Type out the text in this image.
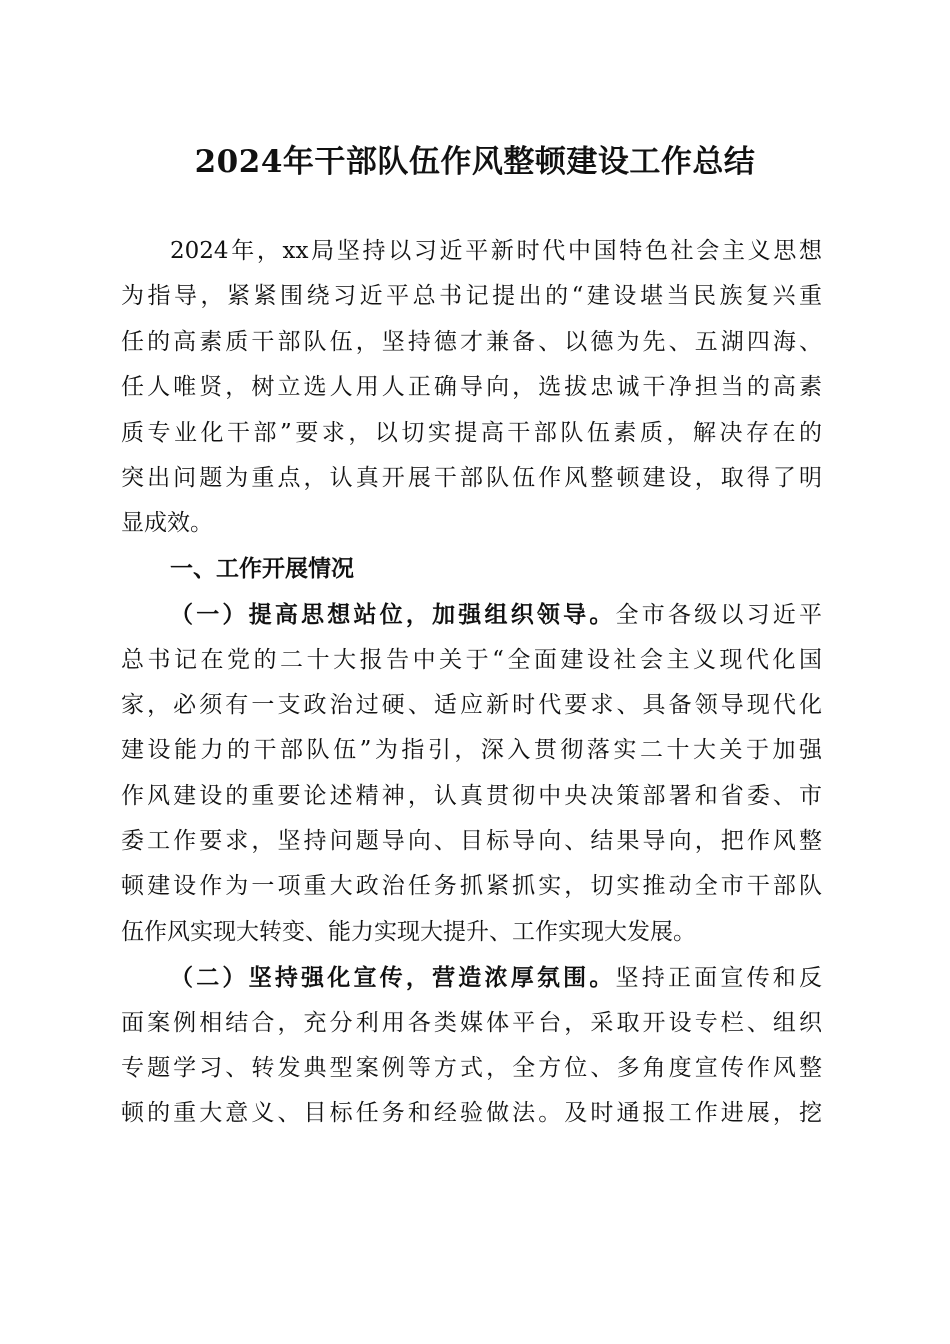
2024年干部队伍作风整顿建设工作总结
2024年，xx局坚持以习近平新时代中国特色社会主义思想
为指导，紧紧围绕习近平总书记提出的“建设堪当民族复兴重
任的高素质干部队伍，坚持德才兼备、以德为先、五湖四海、
任人唯贤，树立选人用人正确导向，选拔忠诚干净担当的高素
质专业化干部”要求，以切实提高干部队伍素质，解决存在的
突出问题为重点，认真开展干部队伍作风整顿建设，取得了明
显成效。
一、工作开展情况
（一）提高思想站位，加强组织领导。全市各级以习近平
总书记在党的二十大报告中关于“全面建设社会主义现代化国
家，必须有一支政治过硬、适应新时代要求、具备领导现代化
建设能力的干部队伍”为指引，深入贯彻落实二十大关于加强
作风建设的重要论述精神，认真贯彻中央决策部署和省委、市
委工作要求，坚持问题导向、目标导向、结果导向，把作风整
顿建设作为一项重大政治任务抓紧抓实，切实推动全市干部队
伍作风实现大转变、能力实现大提升、工作实现大发展。
（二）坚持强化宣传，营造浓厚氛围。坚持正面宣传和反
面案例相结合，充分利用各类媒体平台，采取开设专栏、组织
专题学习、转发典型案例等方式，全方位、多角度宣传作风整
顿的重大意义、目标任务和经验做法。及时通报工作进展，挖
